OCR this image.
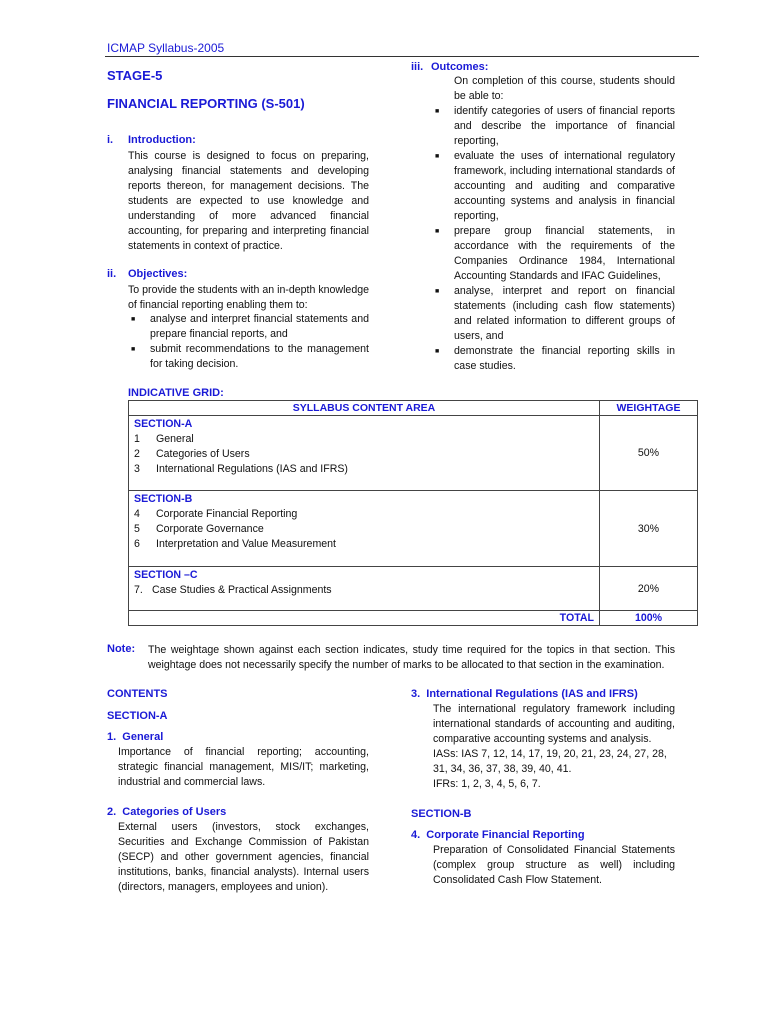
ICMAP Syllabus-2005
STAGE-5
FINANCIAL REPORTING (S-501)
i. Introduction:
This course is designed to focus on preparing, analysing financial statements and developing reports thereon, for management decisions. The students are expected to use knowledge and understanding of more advanced financial accounting, for preparing and interpreting financial statements in context of practice.
ii. Objectives:
To provide the students with an in-depth knowledge of financial reporting enabling them to:
■ analyse and interpret financial statements and prepare financial reports, and
■ submit recommendations to the management for taking decision.
iii. Outcomes:
On completion of this course, students should be able to:
■ identify categories of users of financial reports and describe the importance of financial reporting,
■ evaluate the uses of international regulatory framework, including international standards of accounting and auditing and comparative accounting systems and analysis in financial reporting,
■ prepare group financial statements, in accordance with the requirements of the Companies Ordinance 1984, International Accounting Standards and IFAC Guidelines,
■ analyse, interpret and report on financial statements (including cash flow statements) and related information to different groups of users, and
■ demonstrate the financial reporting skills in case studies.
INDICATIVE GRID:
SYLLABUS CONTENT AREA	WEIGHTAGE

SECTION-A
1 General
2 Categories of Users
3 International Regulations (IAS and IFRS)	50%

SECTION-B
4 Corporate Financial Reporting
5 Corporate Governance
6 Interpretation and Value Measurement	30%

SECTION –C
7. Case Studies & Practical Assignments	20%
TOTAL	100%
Note: The weightage shown against each section indicates, study time required for the topics in that section. This weightage does not necessarily specify the number of marks to be allocated to that section in the examination.
CONTENTS
SECTION-A
1.  General
Importance of financial reporting; accounting, strategic financial management, MIS/IT; marketing, industrial and commercial laws.
2.  Categories of Users
External users (investors, stock exchanges, Securities and Exchange Commission of Pakistan (SECP) and other government agencies, financial institutions, banks, financial analysts). Internal users (directors, managers, employees and union).
3.  International Regulations (IAS and IFRS)
The international regulatory framework including international standards of accounting and auditing, comparative accounting systems and analysis.
IASs: IAS 7, 12, 14, 17, 19, 20, 21, 23, 24, 27, 28, 31, 34, 36, 37, 38, 39, 40, 41.
IFRs: 1, 2, 3, 4, 5, 6, 7.
SECTION-B
4.  Corporate Financial Reporting
Preparation of Consolidated Financial Statements (complex group structure as well) including Consolidated Cash Flow Statement.
